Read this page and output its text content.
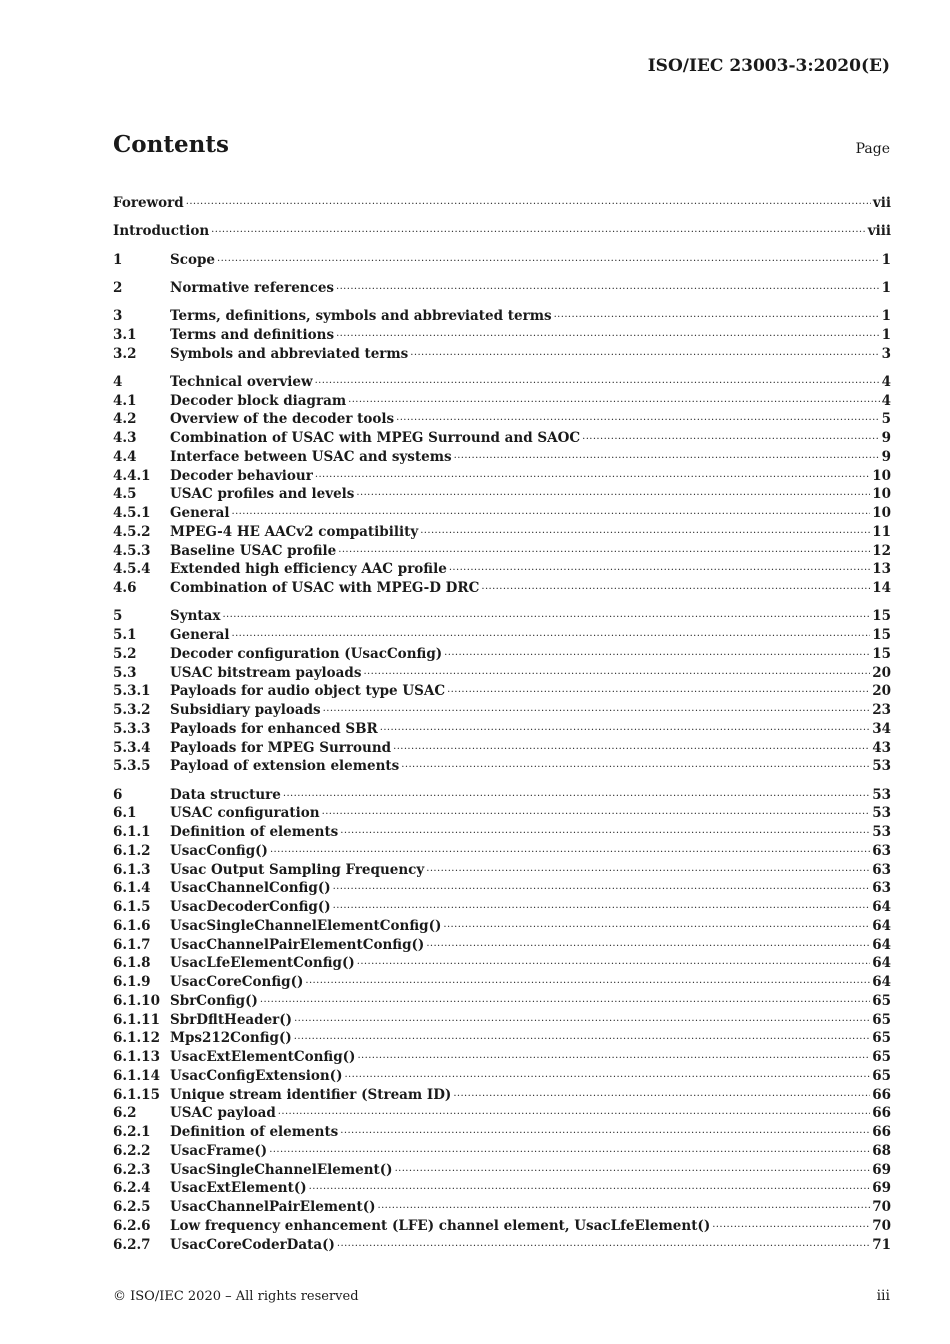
ISO/IEC 23003-3:2020(E)
Contents	Page
Foreword .....	vii
Introduction .....	viii
1	Scope .....	1
2	Normative references .....	1
3	Terms, definitions, symbols and abbreviated terms .....	1
3.1	Terms and definitions .....	1
3.2	Symbols and abbreviated terms .....	3
4	Technical overview .....	4
4.1	Decoder block diagram .....	4
4.2	Overview of the decoder tools .....	5
4.3	Combination of USAC with MPEG Surround and SAOC .....	9
4.4	Interface between USAC and systems .....	9
4.4.1	Decoder behaviour .....	10
4.5	USAC profiles and levels .....	10
4.5.1	General .....	10
4.5.2	MPEG-4 HE AACv2 compatibility .....	11
4.5.3	Baseline USAC profile .....	12
4.5.4	Extended high efficiency AAC profile .....	13
4.6	Combination of USAC with MPEG-D DRC .....	14
5	Syntax .....	15
5.1	General .....	15
5.2	Decoder configuration (UsacConfig) .....	15
5.3	USAC bitstream payloads .....	20
5.3.1	Payloads for audio object type USAC .....	20
5.3.2	Subsidiary payloads .....	23
5.3.3	Payloads for enhanced SBR .....	34
5.3.4	Payloads for MPEG Surround .....	43
5.3.5	Payload of extension elements .....	53
6	Data structure .....	53
6.1	USAC configuration .....	53
6.1.1	Definition of elements .....	53
6.1.2	UsacConfig() .....	63
6.1.3	Usac Output Sampling Frequency .....	63
6.1.4	UsacChannelConfig() .....	63
6.1.5	UsacDecoderConfig() .....	64
6.1.6	UsacSingleChannelElementConfig() .....	64
6.1.7	UsacChannelPairElementConfig() .....	64
6.1.8	UsacLfeElementConfig() .....	64
6.1.9	UsacCoreConfig() .....	64
6.1.10 SbrConfig() .....	65
6.1.11 SbrDfltHeader() .....	65
6.1.12 Mps212Config() .....	65
6.1.13 UsacExtElementConfig() .....	65
6.1.14 UsacConfigExtension() .....	65
6.1.15 Unique stream identifier (Stream ID) .....	66
6.2	USAC payload .....	66
6.2.1	Definition of elements .....	66
6.2.2	UsacFrame() .....	68
6.2.3	UsacSingleChannelElement() .....	69
6.2.4	UsacExtElement() .....	69
6.2.5	UsacChannelPairElement() .....	70
6.2.6	Low frequency enhancement (LFE) channel element, UsacLfeElement() .....	70
6.2.7	UsacCoreCoderData() .....	71
© ISO/IEC 2020 – All rights reserved	iii
